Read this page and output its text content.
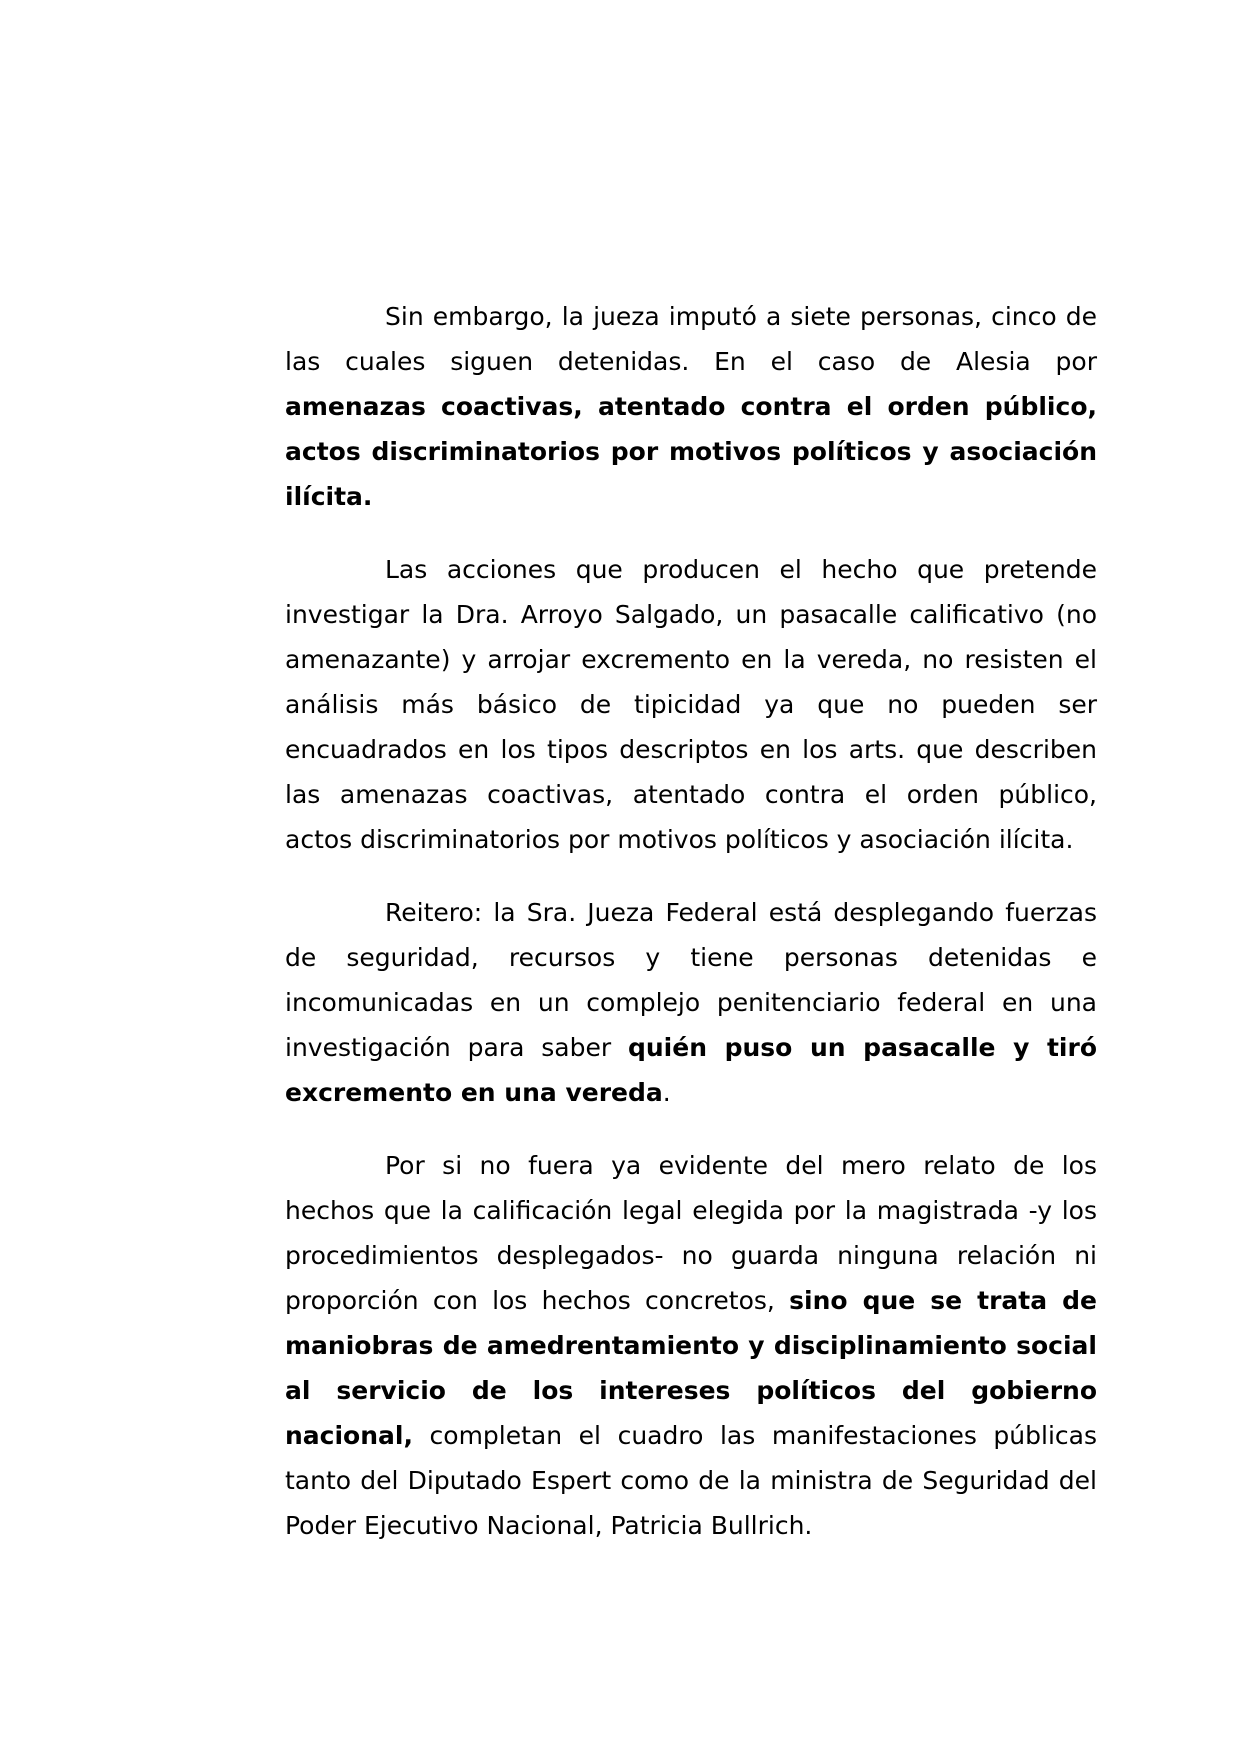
Sin embargo, la jueza imputó a siete personas, cinco de
las cuales siguen detenidas. En el caso de Alesia por
amenazas coactivas, atentado contra el orden público,
actos discriminatorios por motivos políticos y asociación
ilícita.
Las acciones que producen el hecho que pretende
investigar la Dra. Arroyo Salgado, un pasacalle calificativo (no
amenazante) y arrojar excremento en la vereda, no resisten el
análisis más básico de tipicidad ya que no pueden ser
encuadrados en los tipos descriptos en los arts. que describen
las amenazas coactivas, atentado contra el orden público,
actos discriminatorios por motivos políticos y asociación ilícita.
Reitero: la Sra. Jueza Federal está desplegando fuerzas
de seguridad, recursos y tiene personas detenidas e
incomunicadas en un complejo penitenciario federal en una
investigación para saber quién puso un pasacalle y tiró
excremento en una vereda.
Por si no fuera ya evidente del mero relato de los
hechos que la calificación legal elegida por la magistrada -y los
procedimientos desplegados- no guarda ninguna relación ni
proporción con los hechos concretos, sino que se trata de
maniobras de amedrentamiento y disciplinamiento social
al servicio de los intereses políticos del gobierno
nacional, completan el cuadro las manifestaciones públicas
tanto del Diputado Espert como de la ministra de Seguridad del
Poder Ejecutivo Nacional, Patricia Bullrich.
